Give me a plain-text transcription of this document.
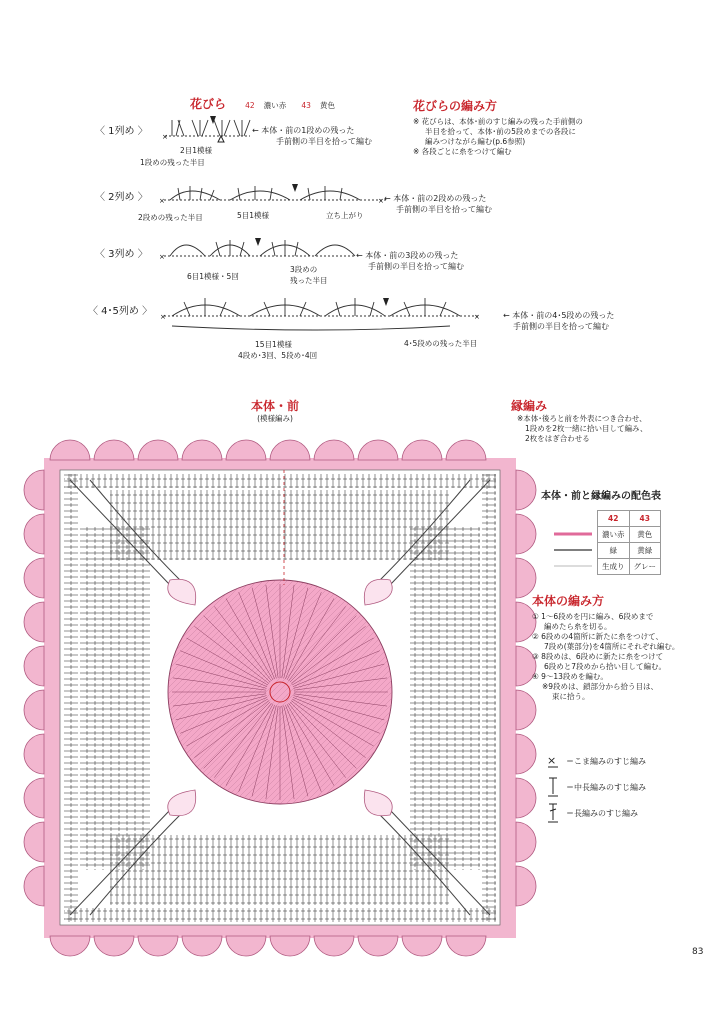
花びら	42 濃い赤 43 黄色	花びらの編み方
※ 花びらは、本体･前のすじ編みの残った手前側の
半目を拾って、本体･前の5段めまでの各段に
編みつけながら編む(p.6参照)
※ 各段ごとに糸をつけて編む
〈 1列め 〉 ×
← 本体・前の1段めの残った
手前側の半目を拾って編む
2目1模様
1段めの残った半目
〈 2列め 〉 ×	× ← 本体・前の2段めの残った
手前側の半目を拾って編む
2段めの残った半目	5目1模様	立ち上がり
〈 3列め 〉 ×	← 本体・前の3段めの残った
手前側の半目を拾って編む
6目1模様・5回
3段めの
残った半目
〈 4･5列め 〉 ×	×	← 本体・前の4･5段めの残った
手前側の半目を拾って編む
15目1模様
4段め･3回、5段め･4回
4･5段めの残った半目
本体・前
(模様編み)
縁編み
※本体･後ろと前を外表につき合わせ、
1段めを2枚一緒に拾い目して編み、
2枚をはぎ合わせる
本体・前と縁編みの配色表
	42	43
	濃い赤	黄色
	緑	黄緑
	生成り	グレー
本体の編み方
① 1～6段めを円に編み、6段めまで
編めたら糸を切る。
② 6段めの4箇所に新たに糸をつけて、
7段め(葉部分)を4箇所にそれぞれ編む。
③ 8段めは、6段めに新たに糸をつけて
6段めと7段めから拾い目して編む。
④ 9～13段めを編む。
※9段めは、鎖部分から拾う目は、
束に拾う。
× ＝こま編みのすじ編み
＝中長編みのすじ編み
＝長編みのすじ編み
83
